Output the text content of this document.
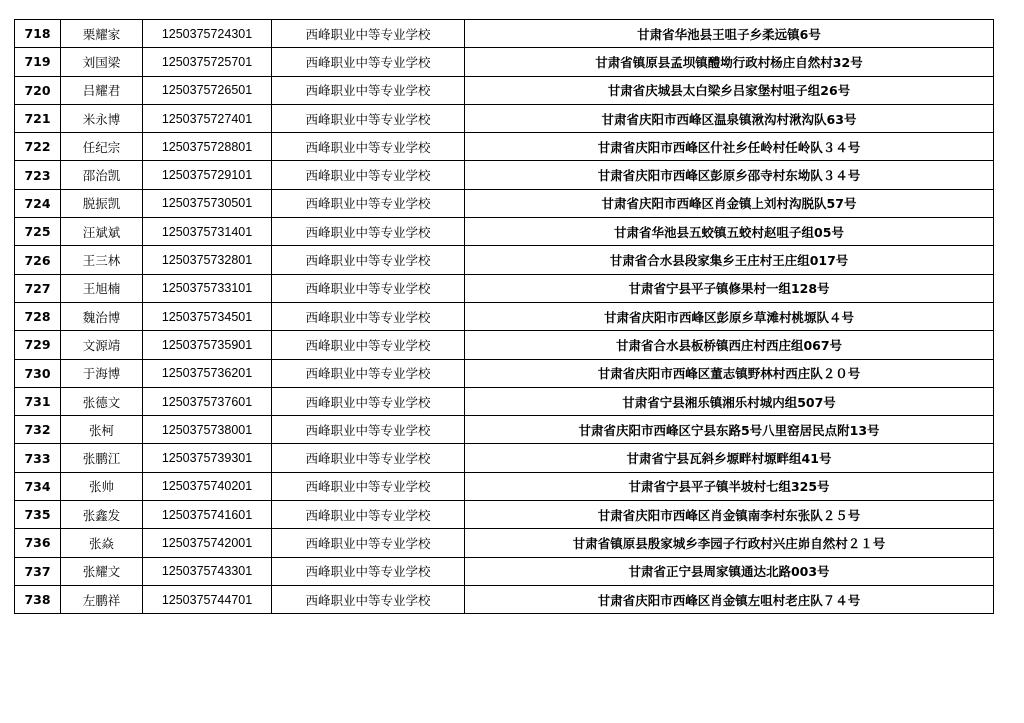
718	栗耀家	1250375724301	西峰职业中等专业学校	甘肃省华池县王咀子乡柔远镇6号
719	刘国梁	1250375725701	西峰职业中等专业学校	甘肃省镇原县孟坝镇醴坳行政村杨庄自然村32号
720	吕耀君	1250375726501	西峰职业中等专业学校	甘肃省庆城县太白梁乡吕家堡村咀子组26号
721	米永博	1250375727401	西峰职业中等专业学校	甘肃省庆阳市西峰区温泉镇湫沟村湫沟队63号
722	任纪宗	1250375728801	西峰职业中等专业学校	甘肃省庆阳市西峰区什社乡任岭村任岭队３４号
723	邵治凯	1250375729101	西峰职业中等专业学校	甘肃省庆阳市西峰区彭原乡邵寺村东坳队３４号
724	脱振凯	1250375730501	西峰职业中等专业学校	甘肃省庆阳市西峰区肖金镇上刘村沟脱队57号
725	汪斌斌	1250375731401	西峰职业中等专业学校	甘肃省华池县五蛟镇五蛟村赵咀子组05号
726	王三林	1250375732801	西峰职业中等专业学校	甘肃省合水县段家集乡王庄村王庄组017号
727	王旭楠	1250375733101	西峰职业中等专业学校	甘肃省宁县平子镇修果村一组128号
728	魏治博	1250375734501	西峰职业中等专业学校	甘肃省庆阳市西峰区彭原乡草滩村桃塬队４号
729	文源靖	1250375735901	西峰职业中等专业学校	甘肃省合水县板桥镇西庄村西庄组067号
730	于海博	1250375736201	西峰职业中等专业学校	甘肃省庆阳市西峰区董志镇野林村西庄队２０号
731	张德文	1250375737601	西峰职业中等专业学校	甘肃省宁县湘乐镇湘乐村城内组507号
732	张柯	1250375738001	西峰职业中等专业学校	甘肃省庆阳市西峰区宁县东路5号八里窑居民点附13号
733	张鹏江	1250375739301	西峰职业中等专业学校	甘肃省宁县瓦斜乡塬畔村塬畔组41号
734	张帅	1250375740201	西峰职业中等专业学校	甘肃省宁县平子镇半坡村七组325号
735	张鑫发	1250375741601	西峰职业中等专业学校	甘肃省庆阳市西峰区肖金镇南李村东张队２５号
736	张焱	1250375742001	西峰职业中等专业学校	甘肃省镇原县殷家城乡李园子行政村兴庄峁自然村２１号
737	张耀文	1250375743301	西峰职业中等专业学校	甘肃省正宁县周家镇通达北路003号
738	左鹏祥	1250375744701	西峰职业中等专业学校	甘肃省庆阳市西峰区肖金镇左咀村老庄队７４号
